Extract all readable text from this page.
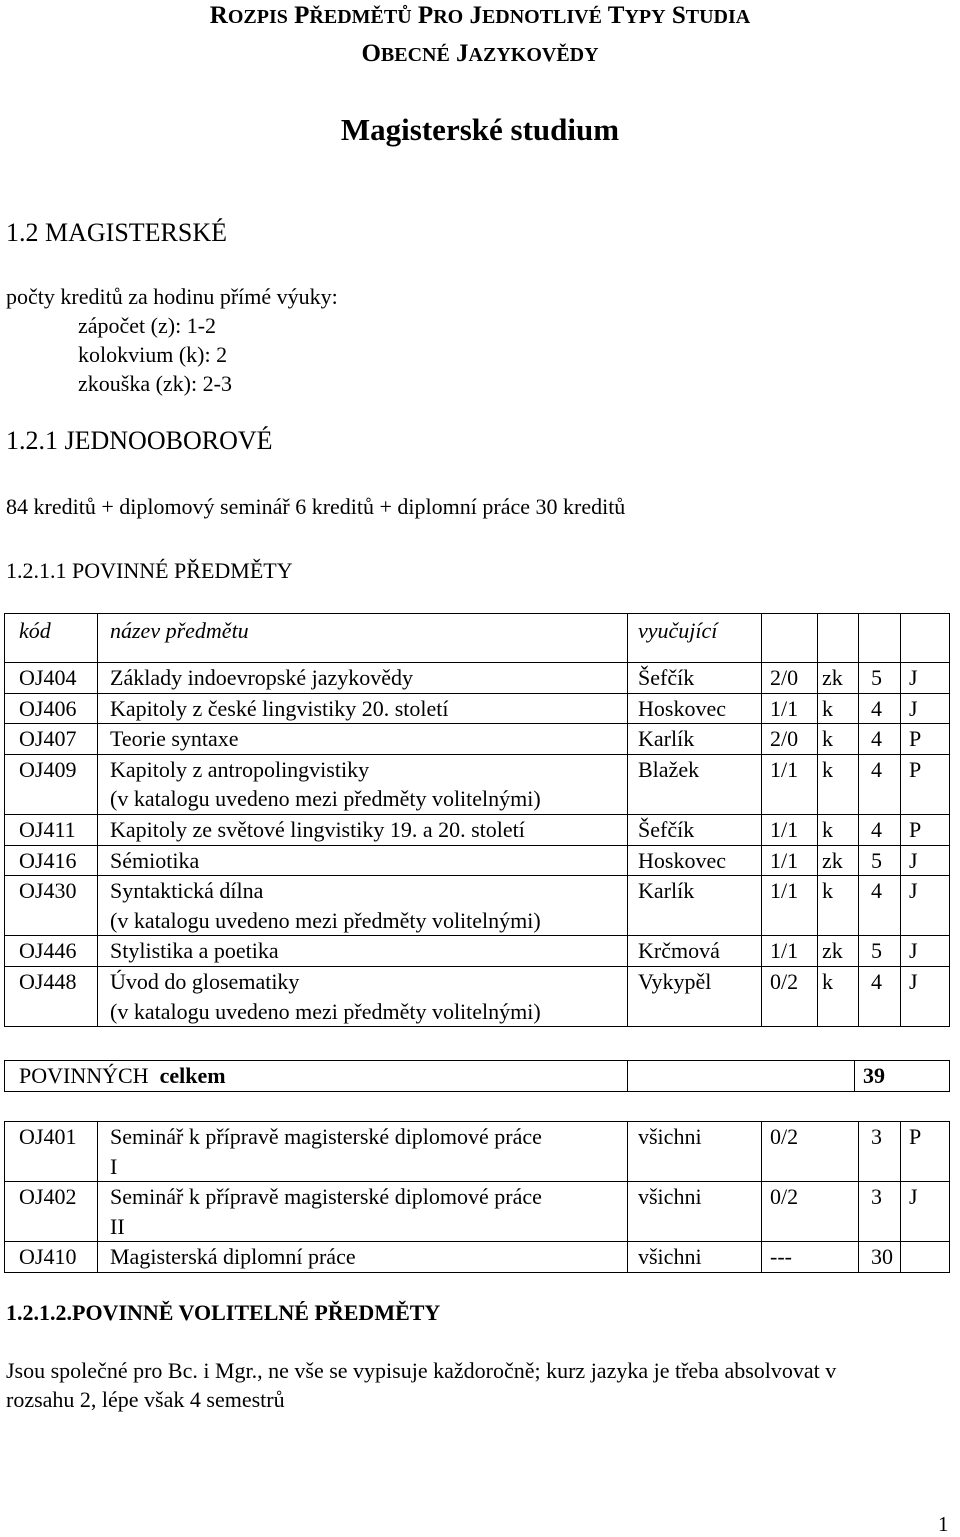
ROZPIS PŘEDMĚTŮ PRO JEDNOTLIVÉ TYPY STUDIA
OBECNÉ JAZYKOVĚDY
Magisterské studium
1.2 MAGISTERSKÉ
počty kreditů za hodinu přímé výuky:
zápočet (z): 1-2
kolokvium (k): 2
zkouška (zk): 2-3
1.2.1 JEDNOOBOROVÉ
84 kreditů + diplomový seminář 6 kreditů + diplomní práce 30 kreditů
1.2.1.1 POVINNÉ PŘEDMĚTY
kód	název předmětu	vyučující				
OJ404	Základy indoevropské jazykovědy	Šefčík	2/0	zk	5	J
OJ406	Kapitoly z české lingvistiky 20. století	Hoskovec	1/1	k	4	J
OJ407	Teorie syntaxe	Karlík	2/0	k	4	P
OJ409	Kapitoly z antropolingvistiky
(v katalogu uvedeno mezi předměty volitelnými)	Blažek	1/1	k	4	P
OJ411	Kapitoly ze světové lingvistiky 19. a 20. století	Šefčík	1/1	k	4	P
OJ416	Sémiotika	Hoskovec	1/1	zk	5	J
OJ430	Syntaktická dílna
(v katalogu uvedeno mezi předměty volitelnými)	Karlík	1/1	k	4	J
OJ446	Stylistika a poetika	Krčmová	1/1	zk	5	J
OJ448	Úvod do glosematiky
(v katalogu uvedeno mezi předměty volitelnými)	Vykypěl	0/2	k	4	J
POVINNÝCH celkem		39
OJ401	Seminář k přípravě magisterské diplomové práce
I	všichni	0/2	3	P
OJ402	Seminář k přípravě magisterské diplomové práce
II	všichni	0/2	3	J
OJ410	Magisterská diplomní práce	všichni	---	30	
1.2.1.2.POVINNĚ VOLITELNÉ PŘEDMĚTY
Jsou společné pro Bc. i Mgr., ne vše se vypisuje každoročně; kurz jazyka je třeba absolvovat v
rozsahu 2, lépe však 4 semestrů
1
